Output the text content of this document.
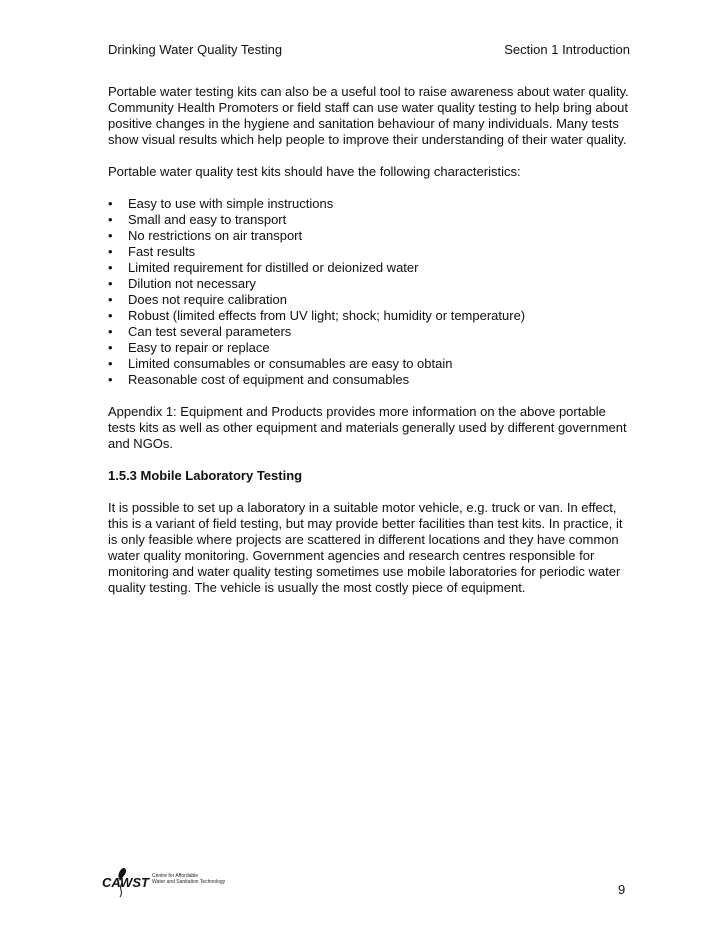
Drinking Water Quality Testing	Section 1 Introduction

Portable water testing kits can also be a useful tool to raise awareness about water quality. Community Health Promoters or field staff can use water quality testing to help bring about positive changes in the hygiene and sanitation behaviour of many individuals. Many tests show visual results which help people to improve their understanding of their water quality.

Portable water quality test kits should have the following characteristics:

• Easy to use with simple instructions
• Small and easy to transport
• No restrictions on air transport
• Fast results
• Limited requirement for distilled or deionized water
• Dilution not necessary
• Does not require calibration
• Robust (limited effects from UV light; shock; humidity or temperature)
• Can test several parameters
• Easy to repair or replace
• Limited consumables or consumables are easy to obtain
• Reasonable cost of equipment and consumables

Appendix 1: Equipment and Products provides more information on the above portable tests kits as well as other equipment and materials generally used by different government and NGOs.

1.5.3 Mobile Laboratory Testing

It is possible to set up a laboratory in a suitable motor vehicle, e.g. truck or van. In effect, this is a variant of field testing, but may provide better facilities than test kits. In practice, it is only feasible where projects are scattered in different locations and they have common water quality monitoring. Government agencies and research centres responsible for monitoring and water quality testing sometimes use mobile laboratories for periodic water quality testing. The vehicle is usually the most costly piece of equipment.

CAWST Centre for Affordable
Water and Sanitation Technology	9
